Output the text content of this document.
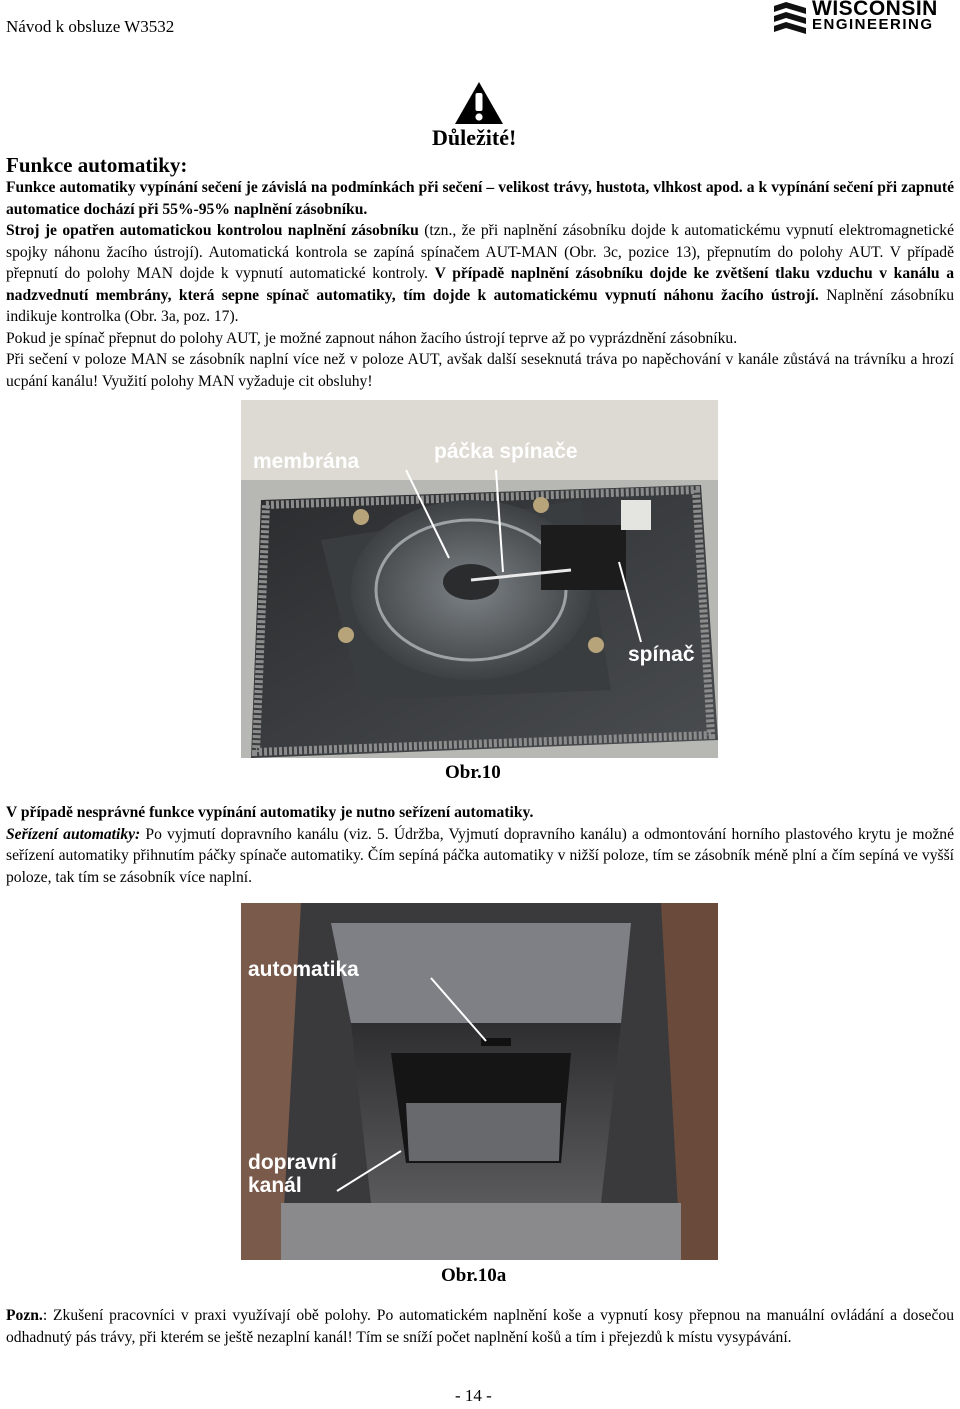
Návod k obsluze W3532
WISCONSIN
ENGINEERING
Důležité!
Funkce automatiky:
Funkce automatiky vypínání sečení je závislá na podmínkách při sečení – velikost trávy, hustota, vlhkost apod. a k vypínání sečení při zapnuté automatice dochází při 55%-95% naplnění zásobníku.
Stroj je opatřen automatickou kontrolou naplnění zásobníku (tzn., že při naplnění zásobníku dojde k automatickému vypnutí elektromagnetické spojky náhonu žacího ústrojí). Automatická kontrola se zapíná spínačem AUT-MAN (Obr. 3c, pozice 13), přepnutím do polohy AUT. V případě přepnutí do polohy MAN dojde k vypnutí automatické kontroly. V případě naplnění zásobníku dojde ke zvětšení tlaku vzduchu v kanálu a nadzvednutí membrány, která sepne spínač automatiky, tím dojde k automatickému vypnutí náhonu žacího ústrojí. Naplnění zásobníku indikuje kontrolka (Obr. 3a, poz. 17).
Pokud je spínač přepnut do polohy AUT, je možné zapnout náhon žacího ústrojí teprve až po vyprázdnění zásobníku.
Při sečení v poloze MAN se zásobník naplní více než v poloze AUT, avšak další seseknutá tráva po napěchování v kanále zůstává na trávníku a hrozí ucpání kanálu! Využití polohy MAN vyžaduje cit obsluhy!
membrána	páčka spínače
spínač
Obr.10
V případě nesprávné funkce vypínání automatiky je nutno seřízení automatiky.
Seřízení automatiky: Po vyjmutí dopravního kanálu (viz. 5. Údržba, Vyjmutí dopravního kanálu) a odmontování horního plastového krytu je možné seřízení automatiky přihnutím páčky spínače automatiky. Čím sepíná páčka automatiky v nižší poloze, tím se zásobník méně plní a čím sepíná ve vyšší poloze, tak tím se zásobník více naplní.
automatika
dopravní
kanál
Obr.10a
Pozn.: Zkušení pracovníci v praxi využívají obě polohy. Po automatickém naplnění koše a vypnutí kosy přepnou na manuální ovládání a dosečou odhadnutý pás trávy, při kterém se ještě nezaplní kanál! Tím se sníží počet naplnění košů a tím i přejezdů k místu vysypávání.
- 14 -
